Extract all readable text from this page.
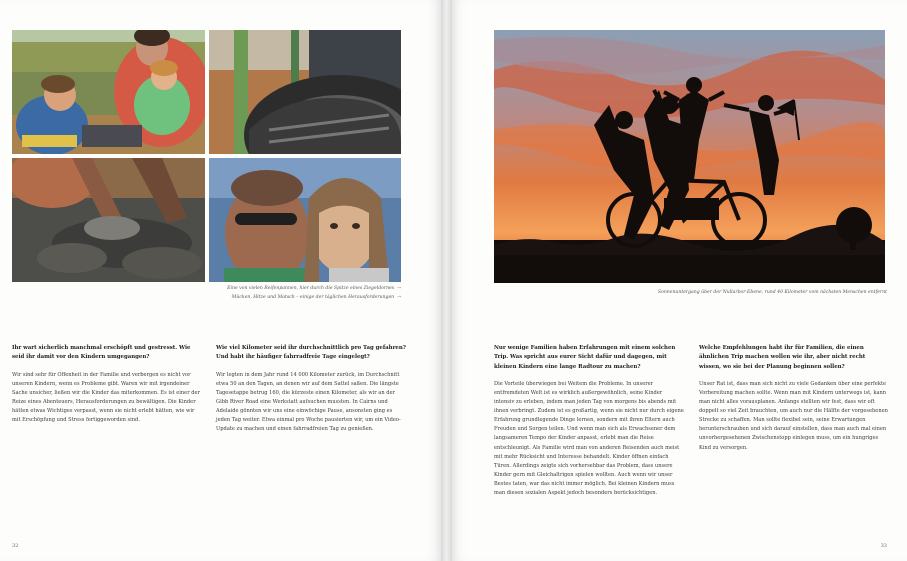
Eine von vielen Reifenpannen, hier durch die Spitze eines Ziegeldornes →
Mücken, Hitze und Matsch – einige der täglichen Herausforderungen →

Ihr wart sicherlich manchmal erschöpft und gestresst. Wie seid ihr damit vor den Kindern umgegangen?

Wir sind sehr für Offenheit in der Familie und verbergen es nicht vor unseren Kindern, wenn es Probleme gibt. Waren wir mit irgendeiner Sache unsicher, ließen wir die Kinder das miterkommen. Es ist einer der Reize eines Abenteuers, Herausforderungen zu bewältigen. Die Kinder hätten etwas Wichtiges verpasst, wenn sie nicht erlebt hätten, wie wir mit Erschöpfung und Stress fertiggeworden sind.

Wie viel Kilometer seid ihr durchschnittlich pro Tag gefahren? Und habt ihr häufiger fahrradfreie Tage eingelegt?

Wir legten in dem Jahr rund 14 000 Kilometer zurück, im Durchschnitt etwa 50 an den Tagen, an denen wir auf dem Sattel saßen. Die längste Tagesetappe betrug 160, die kürzeste einen Kilometer, als wir an der Gibb River Road eine Werkstatt aufsuchen mussten. In Cairns und Adelaide gönnten wir uns eine einwöchige Pause, ansonsten ging es jeden Tag weiter. Etwa einmal pro Woche pausierten wir, um ein Video-Update zu machen und einen fahrradfreien Tag zu genießen.

32
Sonnenuntergang über der Nullarbor-Ebene, rund 40 Kilometer vom nächsten Menschen entfernt

Nur wenige Familien haben Erfahrungen mit einem solchen Trip. Was spricht aus eurer Sicht dafür und dagegen, mit kleinen Kindern eine lange Radtour zu machen?

Die Vorteile überwiegen bei Weitem die Probleme. In unserer entfremdeten Welt ist es wirklich außergewöhnlich, seine Kinder intensiv zu erleben, indem man jeden Tag von morgens bis abends mit ihnen verbringt. Zudem ist es großartig, wenn sie nicht nur durch eigene Erfahrung grundlegende Dinge lernen, sondern mit ihren Eltern auch Freuden und Sorgen teilen. Und wenn man sich als Erwachsener dem langsameren Tempo der Kinder anpasst, erlebt man die Reise entschleunigt. Als Familie wird man von anderen Reisenden auch meist mit mehr Rücksicht und Interesse behandelt. Kinder öffnen einfach Türen. Allerdings zeigte sich vorhersehbar das Problem, dass unsere Kinder gern mit Gleichaltrigen spielen wollten. Auch wenn wir unser Bestes taten, war das nicht immer möglich. Bei kleinen Kindern muss man diesen sozialen Aspekt jedoch besonders berücksichtigen.

Welche Empfehlungen habt ihr für Familien, die einen ähnlichen Trip machen wollen wie ihr, aber nicht recht wissen, wo sie bei der Planung beginnen sollen?

Unser Rat ist, dass man sich nicht zu viele Gedanken über eine perfekte Vorbereitung machen sollte. Wenn man mit Kindern unterwegs ist, kann man nicht alles vorausplanen. Anfangs stellten wir fest, dass wir oft doppelt so viel Zeit brauchten, um auch nur die Hälfte der vorgesehenen Strecke zu schaffen. Man sollte flexibel sein, seine Erwartungen herunterschrauben und sich darauf einstellen, dass man auch mal einen unvorhergesehenen Zwischenstopp einlegen muss, um ein hungriges Kind zu versorgen.

33
